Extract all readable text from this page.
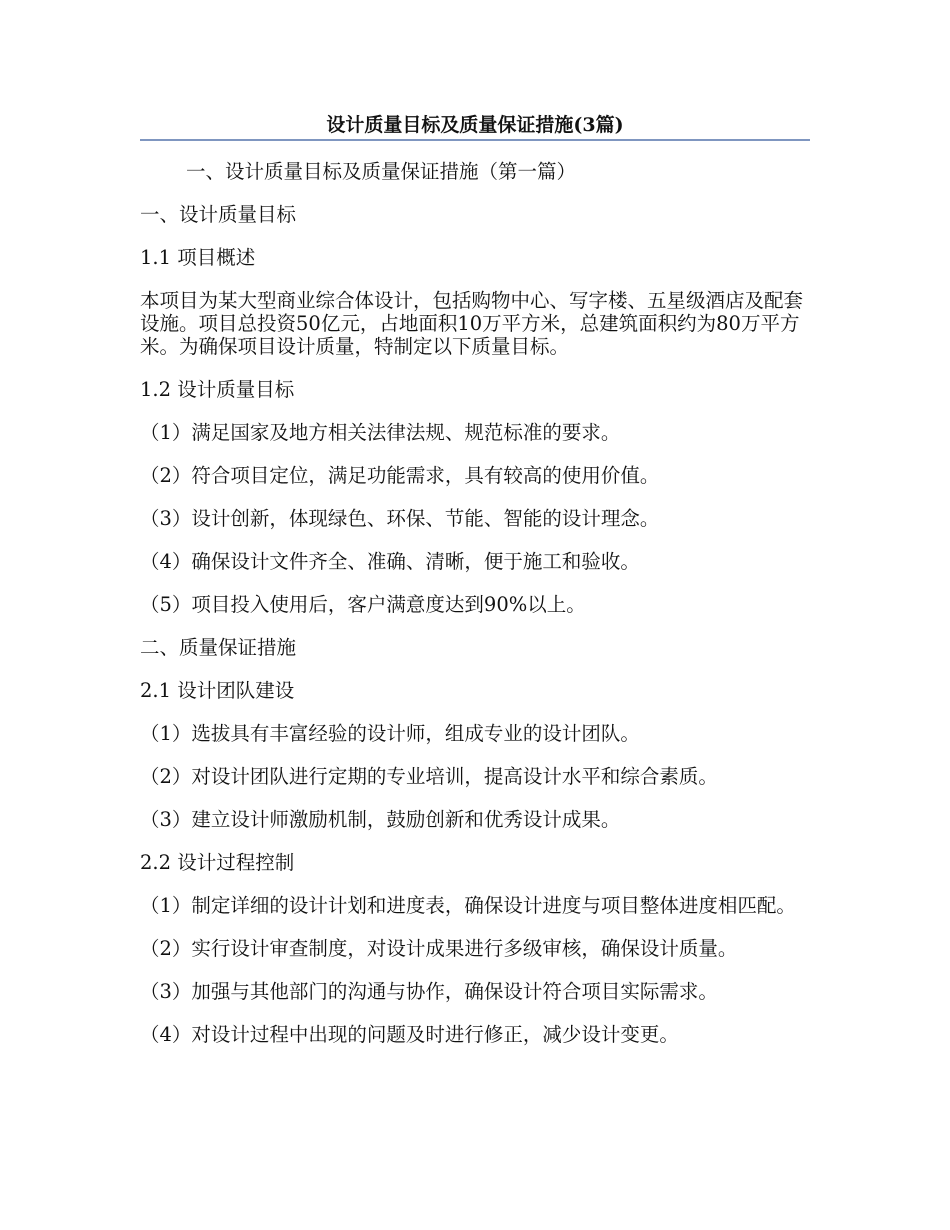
设计质量目标及质量保证措施(3篇)

一、设计质量目标及质量保证措施（第一篇）

一、设计质量目标

1.1 项目概述

本项目为某大型商业综合体设计，包括购物中心、写字楼、五星级酒店及配套设施。项目总投资50亿元，占地面积10万平方米，总建筑面积约为80万平方米。为确保项目设计质量，特制定以下质量目标。

1.2 设计质量目标

（1）满足国家及地方相关法律法规、规范标准的要求。

（2）符合项目定位，满足功能需求，具有较高的使用价值。

（3）设计创新，体现绿色、环保、节能、智能的设计理念。

（4）确保设计文件齐全、准确、清晰，便于施工和验收。

（5）项目投入使用后，客户满意度达到90%以上。

二、质量保证措施

2.1 设计团队建设

（1）选拔具有丰富经验的设计师，组成专业的设计团队。

（2）对设计团队进行定期的专业培训，提高设计水平和综合素质。

（3）建立设计师激励机制，鼓励创新和优秀设计成果。

2.2 设计过程控制

（1）制定详细的设计计划和进度表，确保设计进度与项目整体进度相匹配。

（2）实行设计审查制度，对设计成果进行多级审核，确保设计质量。

（3）加强与其他部门的沟通与协作，确保设计符合项目实际需求。

（4）对设计过程中出现的问题及时进行修正，减少设计变更。
